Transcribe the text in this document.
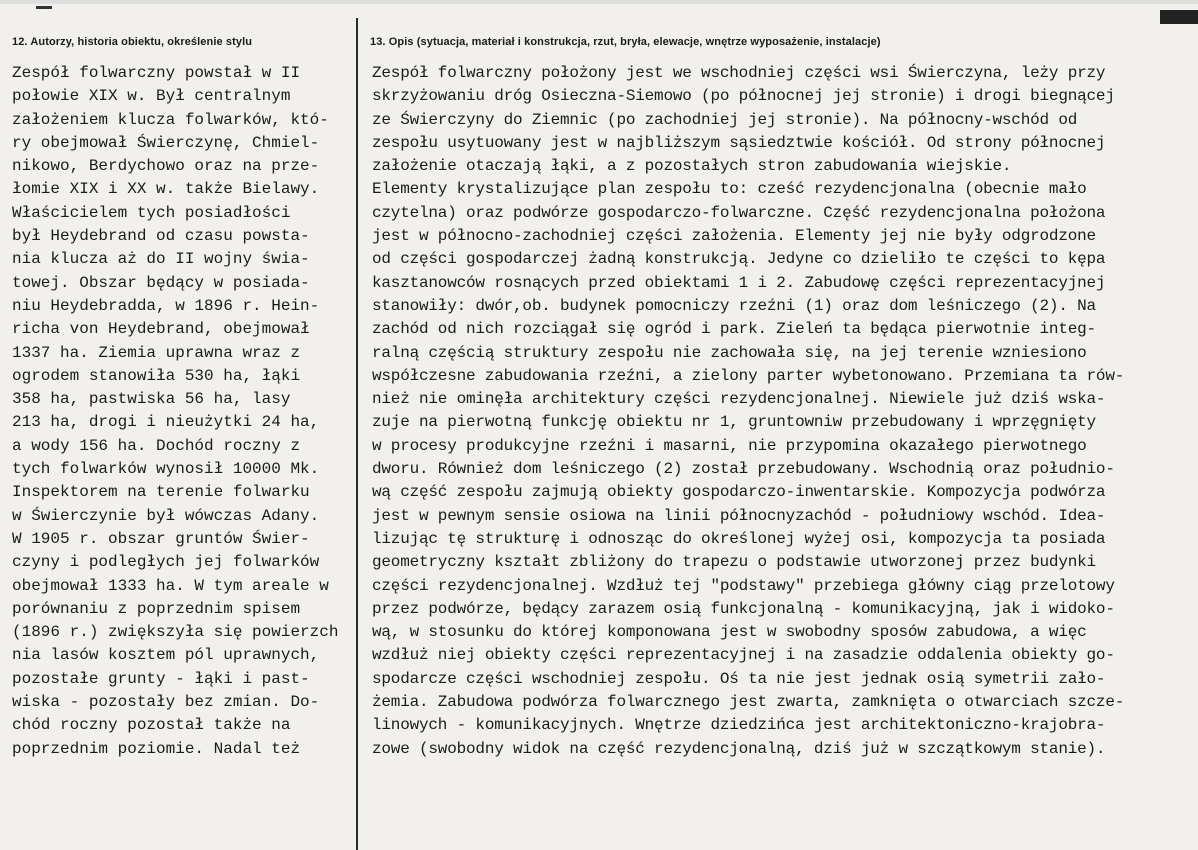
12. Autorzy, historia obiektu, określenie stylu	13. Opis (sytuacja, materiał i konstrukcja, rzut, bryła, elewacje, wnętrze wyposażenie, instalacje)
Zespół folwarczny powstał w II
połowie XIX w. Był centralnym
założeniem klucza folwarków, któ-
ry obejmował Świerczynę, Chmiel-
nikowo, Berdychowo oraz na prze-
łomie XIX i XX w. także Bielawy.
Właścicielem tych posiadłości
był Heydebrand od czasu powsta-
nia klucza aż do II wojny świa-
towej. Obszar będący w posiada-
niu Heydebradda, w 1896 r. Hein-
richa von Heydebrand, obejmował
1337 ha. Ziemia uprawna wraz z
ogrodem stanowiła 530 ha, łąki
358 ha, pastwiska 56 ha, lasy
213 ha, drogi i nieużytki 24 ha,
a wody 156 ha. Dochód roczny z
tych folwarków wynosił 10000 Mk.
Inspektorem na terenie folwarku
w Świerczynie był wówczas Adany.
W 1905 r. obszar gruntów Świer-
czyny i podległych jej folwarków
obejmował 1333 ha. W tym areale w
porównaniu z poprzednim spisem
(1896 r.) zwiększyła się powierzch
nia lasów kosztem pól uprawnych,
pozostałe grunty - łąki i past-
wiska - pozostały bez zmian. Do-
chód roczny pozostał także na
poprzednim poziomie. Nadal też
Zespół folwarczny położony jest we wschodniej części wsi Świerczyna, leży przy
skrzyżowaniu dróg Osieczna-Siemowo (po północnej jej stronie) i drogi biegnącej
ze Świerczyny do Ziemnic (po zachodniej jej stronie). Na północny-wschód od
zespołu usytuowany jest w najbliższym sąsiedztwie kościół. Od strony północnej
założenie otaczają łąki, a z pozostałych stron zabudowania wiejskie.
Elementy krystalizujące plan zespołu to: cześć rezydencjonalna (obecnie mało
czytelna) oraz podwórze gospodarczo-folwarczne. Część rezydencjonalna położona
jest w północno-zachodniej części założenia. Elementy jej nie były odgrodzone
od części gospodarczej żadną konstrukcją. Jedyne co dzieliło te części to kępa
kasztanowców rosnących przed obiektami 1 i 2. Zabudowę części reprezentacyjnej
stanowiły: dwór,ob. budynek pomocniczy rzeźni (1) oraz dom leśniczego (2). Na
zachód od nich rozciągał się ogród i park. Zieleń ta będąca pierwotnie integ-
ralną częścią struktury zespołu nie zachowała się, na jej terenie wzniesiono
współczesne zabudowania rzeźni, a zielony parter wybetonowano. Przemiana ta rów-
nież nie ominęła architektury części rezydencjonalnej. Niewiele już dziś wska-
zuje na pierwotną funkcję obiektu nr 1, gruntowniw przebudowany i wprzęgnięty
w procesy produkcyjne rzeźni i masarni, nie przypomina okazałego pierwotnego
dworu. Również dom leśniczego (2) został przebudowany. Wschodnią oraz południo-
wą część zespołu zajmują obiekty gospodarczo-inwentarskie. Kompozycja podwórza
jest w pewnym sensie osiowa na linii północnyzachód - południowy wschód. Idea-
lizując tę strukturę i odnosząc do określonej wyżej osi, kompozycja ta posiada
geometryczny kształt zbliżony do trapezu o podstawie utworzonej przez budynki
części rezydencjonalnej. Wzdłuż tej "podstawy" przebiega główny ciąg przelotowy
przez podwórze, będący zarazem osią funkcjonalną - komunikacyjną, jak i widoko-
wą, w stosunku do której komponowana jest w swobodny sposów zabudowa, a więc
wzdłuż niej obiekty części reprezentacyjnej i na zasadzie oddalenia obiekty go-
spodarcze części wschodniej zespołu. Oś ta nie jest jednak osią symetrii zało-
żemia. Zabudowa podwórza folwarcznego jest zwarta, zamknięta o otwarciach szcze-
linowych - komunikacyjnych. Wnętrze dziedzińca jest architektoniczno-krajobra-
zowe (swobodny widok na część rezydencjonalną, dziś już w szczątkowym stanie).
